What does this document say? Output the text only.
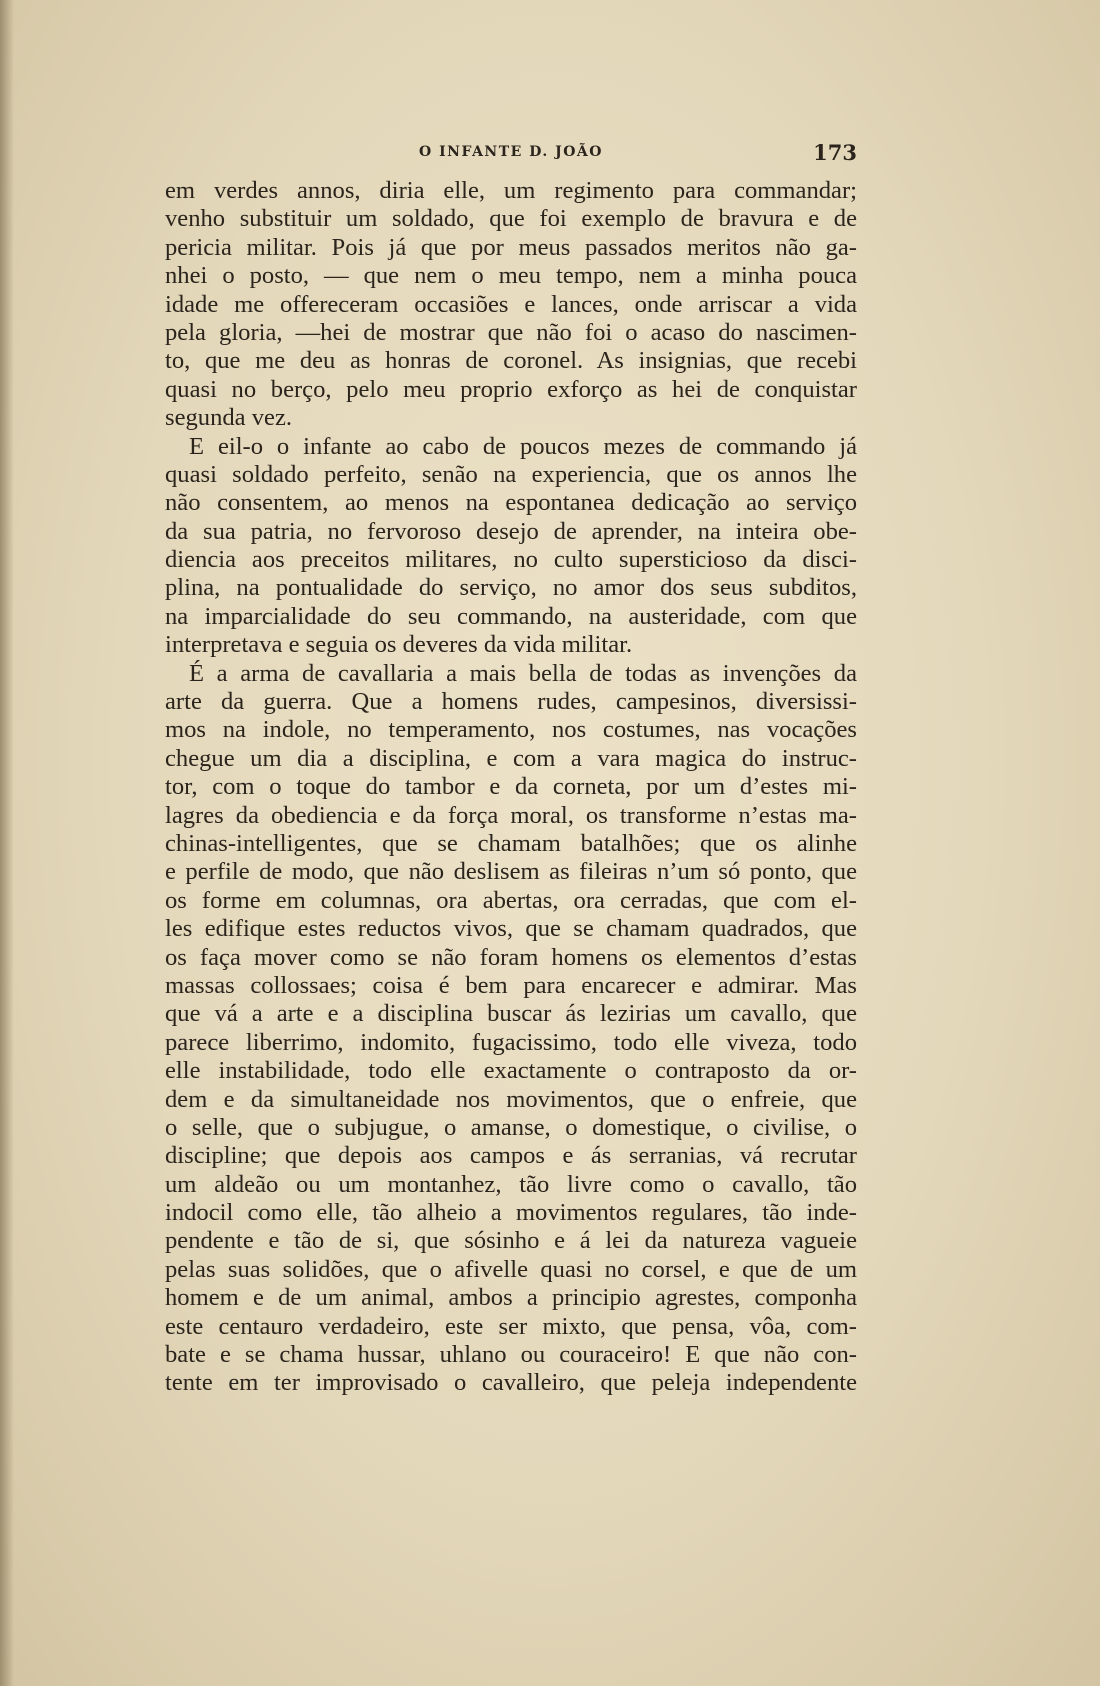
O INFANTE D. JOÃO	173
em verdes annos, diria elle, um regimento para commandar;
venho substituir um soldado, que foi exemplo de bravura e de
pericia militar. Pois já que por meus passados meritos não ga-
nhei o posto, — que nem o meu tempo, nem a minha pouca
idade me offereceram occasiões e lances, onde arriscar a vida
pela gloria, —hei de mostrar que não foi o acaso do nascimen-
to, que me deu as honras de coronel. As insignias, que recebi
quasi no berço, pelo meu proprio exforço as hei de conquistar
segunda vez.
E eil-o o infante ao cabo de poucos mezes de commando já
quasi soldado perfeito, senão na experiencia, que os annos lhe
não consentem, ao menos na espontanea dedicação ao serviço
da sua patria, no fervoroso desejo de aprender, na inteira obe-
diencia aos preceitos militares, no culto supersticioso da disci-
plina, na pontualidade do serviço, no amor dos seus subditos,
na imparcialidade do seu commando, na austeridade, com que
interpretava e seguia os deveres da vida militar.
É a arma de cavallaria a mais bella de todas as invenções da
arte da guerra. Que a homens rudes, campesinos, diversissi-
mos na indole, no temperamento, nos costumes, nas vocações
chegue um dia a disciplina, e com a vara magica do instruc-
tor, com o toque do tambor e da corneta, por um d’estes mi-
lagres da obediencia e da força moral, os transforme n’estas ma-
chinas-intelligentes, que se chamam batalhões; que os alinhe
e perfile de modo, que não deslisem as fileiras n’um só ponto, que
os forme em columnas, ora abertas, ora cerradas, que com el-
les edifique estes reductos vivos, que se chamam quadrados, que
os faça mover como se não foram homens os elementos d’estas
massas collossaes; coisa é bem para encarecer e admirar. Mas
que vá a arte e a disciplina buscar ás lezirias um cavallo, que
parece liberrimo, indomito, fugacissimo, todo elle viveza, todo
elle instabilidade, todo elle exactamente o contraposto da or-
dem e da simultaneidade nos movimentos, que o enfreie, que
o selle, que o subjugue, o amanse, o domestique, o civilise, o
discipline; que depois aos campos e ás serranias, vá recrutar
um aldeão ou um montanhez, tão livre como o cavallo, tão
indocil como elle, tão alheio a movimentos regulares, tão inde-
pendente e tão de si, que sósinho e á lei da natureza vagueie
pelas suas solidões, que o afivelle quasi no corsel, e que de um
homem e de um animal, ambos a principio agrestes, componha
este centauro verdadeiro, este ser mixto, que pensa, vôa, com-
bate e se chama hussar, uhlano ou couraceiro! E que não con-
tente em ter improvisado o cavalleiro, que peleja independente
